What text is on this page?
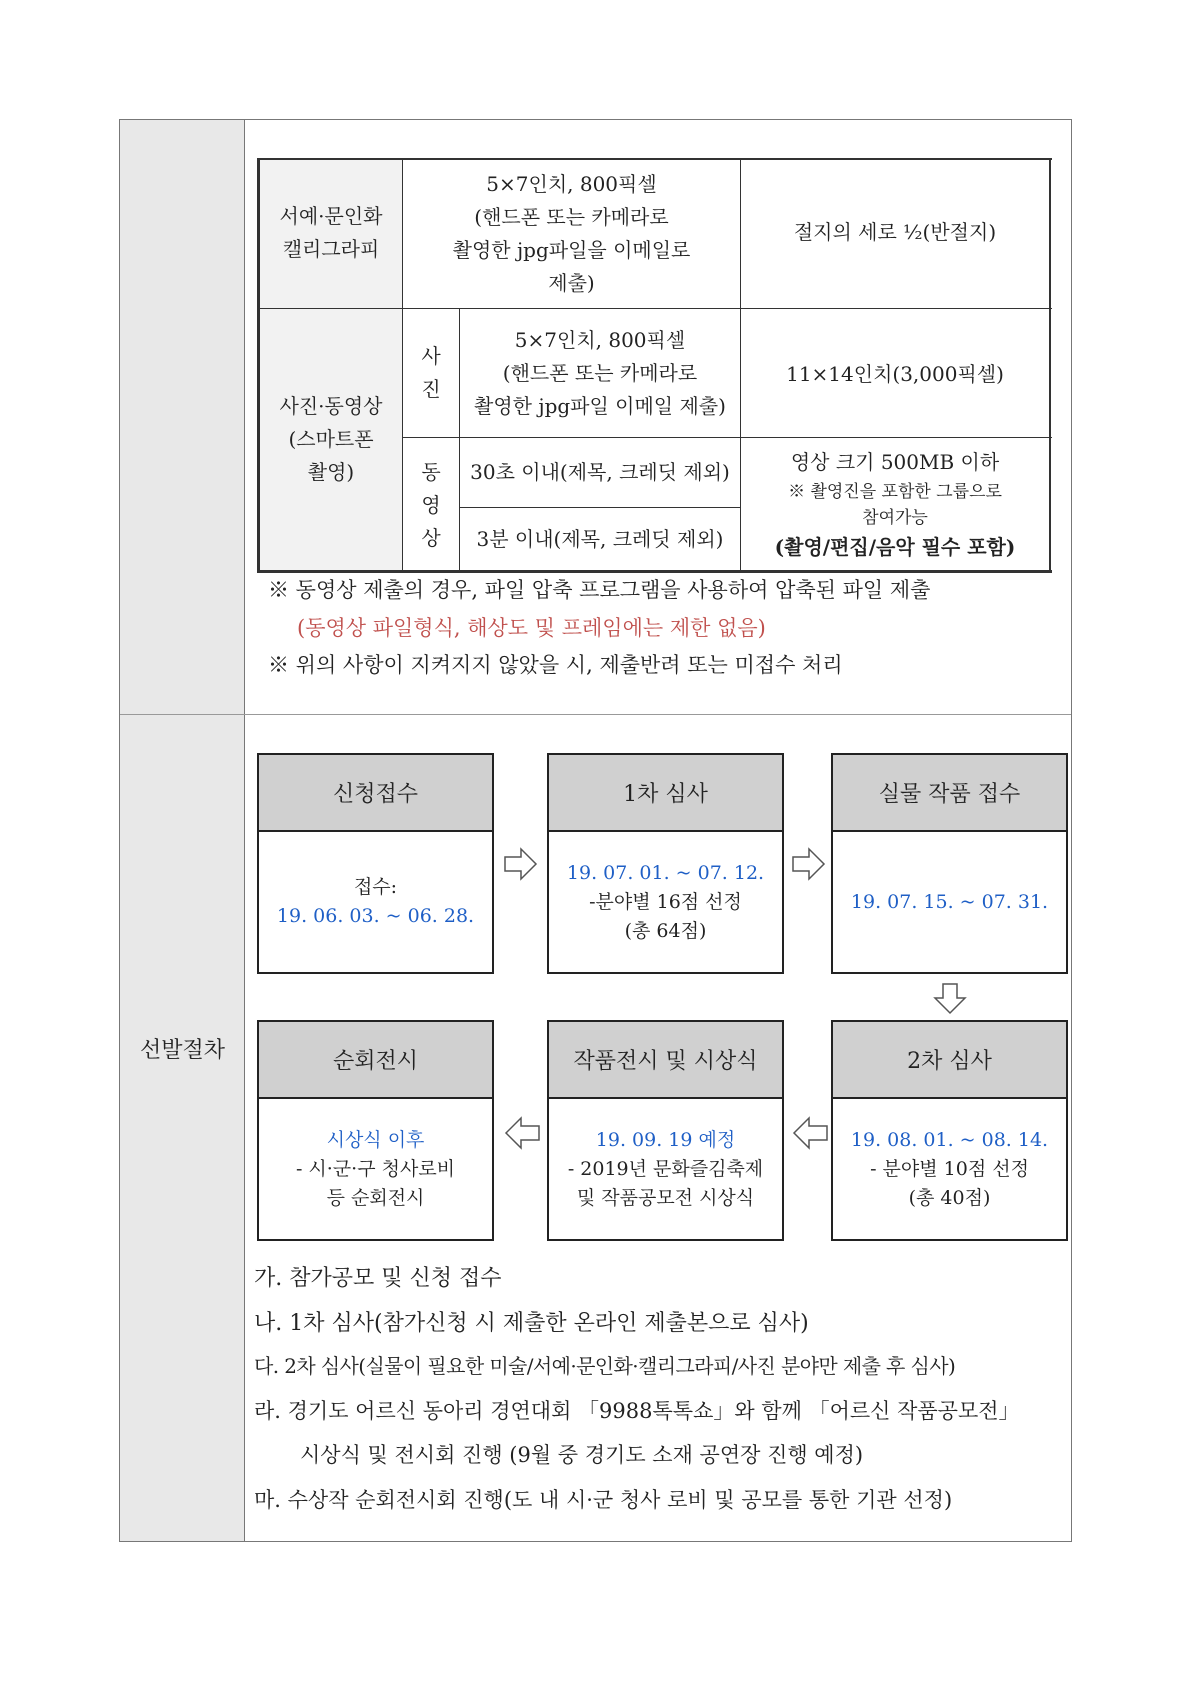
선발절차
서예·문인화
캘리그라피
5×7인치, 800픽셀
(핸드폰 또는 카메라로
촬영한 jpg파일을 이메일로
제출)
절지의 세로 ½(반절지)
사진·동영상
(스마트폰
촬영)
사
진
5×7인치, 800픽셀
(핸드폰 또는 카메라로
촬영한 jpg파일 이메일 제출)
11×14인치(3,000픽셀)
동
영
상
30초 이내(제목, 크레딧 제외)
3분 이내(제목, 크레딧 제외)
영상 크기 500MB 이하
※ 촬영진을 포함한 그룹으로
참여가능
(촬영/편집/음악 필수 포함)
※ 동영상 제출의 경우, 파일 압축 프로그램을 사용하여 압축된 파일 제출
(동영상 파일형식, 해상도 및 프레임에는 제한 없음)
※ 위의 사항이 지켜지지 않았을 시, 제출반려 또는 미접수 처리
신청접수
접수:
19. 06. 03. ~ 06. 28.
1차 심사
19. 07. 01. ~ 07. 12.
-분야별 16점 선정
(총 64점)
실물 작품 접수
19. 07. 15. ~ 07. 31.
순회전시
시상식 이후
- 시·군·구 청사로비
등 순회전시
작품전시 및 시상식
19. 09. 19 예정
- 2019년 문화즐김축제
및 작품공모전 시상식
2차 심사
19. 08. 01. ~ 08. 14.
- 분야별 10점 선정
(총 40점)
가. 참가공모 및 신청 접수
나. 1차 심사(참가신청 시 제출한 온라인 제출본으로 심사)
다. 2차 심사(실물이 필요한 미술/서예·문인화·캘리그라피/사진 분야만 제출 후 심사)
라. 경기도 어르신 동아리 경연대회 「9988톡톡쇼」와 함께 「어르신 작품공모전」
시상식 및 전시회 진행 (9월 중 경기도 소재 공연장 진행 예정)
마. 수상작 순회전시회 진행(도 내 시·군 청사 로비 및 공모를 통한 기관 선정)
